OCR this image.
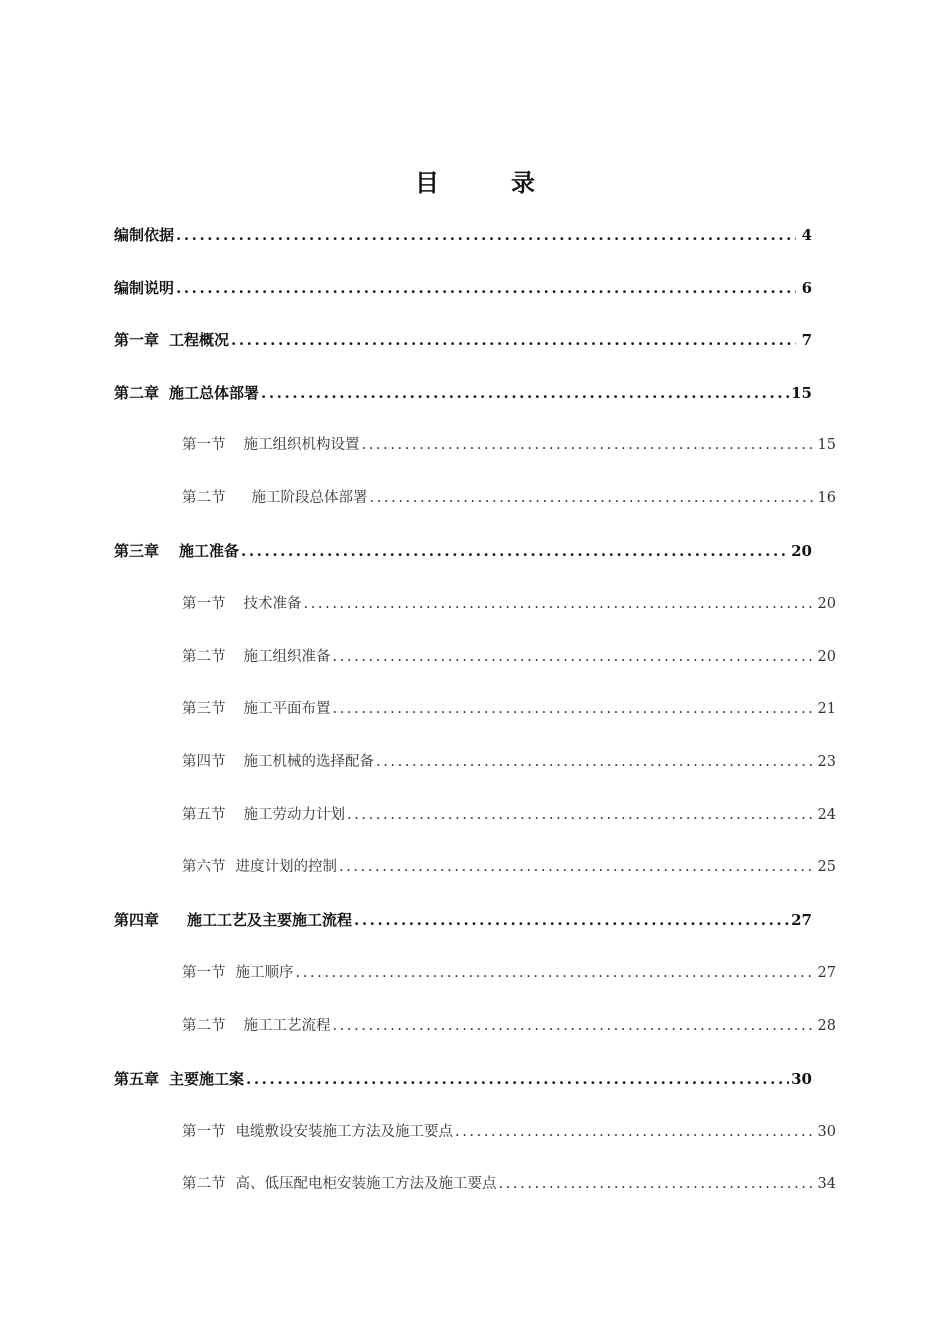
目	录
编制依据 .....	4
编制说明 .....	6
第一章 工程概况 .....	7
第二章 施工总体部署 .....	15
第一节 施工组织机构设置 .....	15
第二节 施工阶段总体部署 .....	16
第三章 施工准备 .....	20
第一节 技术准备 .....	20
第二节 施工组织准备 .....	20
第三节 施工平面布置 .....	21
第四节 施工机械的选择配备 .....	23
第五节 施工劳动力计划 .....	24
第六节 进度计划的控制 .....	25
第四章 施工工艺及主要施工流程 .....	27
第一节 施工顺序 .....	27
第二节 施工工艺流程 .....	28
第五章 主要施工案 .....	30
第一节 电缆敷设安装施工方法及施工要点 .....	30
第二节 高、低压配电柜安装施工方法及施工要点 .....	34
